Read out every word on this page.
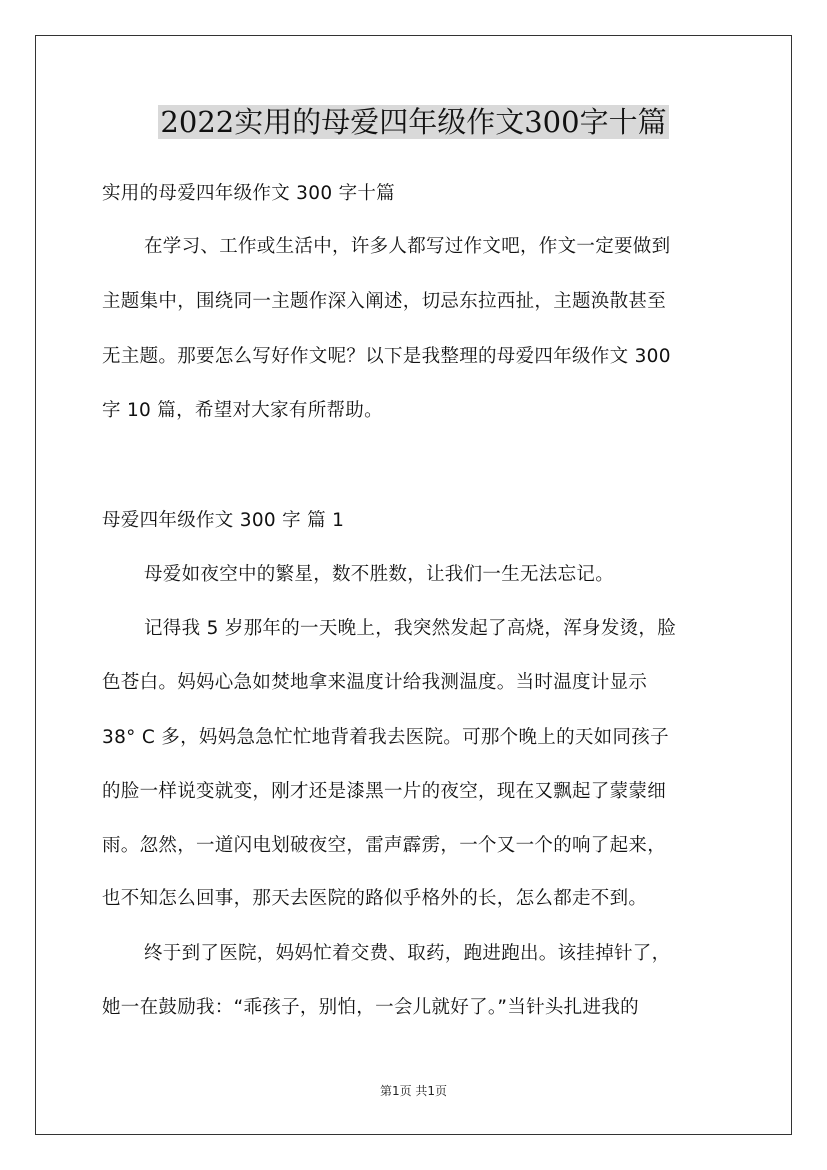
2022实用的母爱四年级作文300字十篇
实用的母爱四年级作文 300 字十篇
在学习、工作或生活中，许多人都写过作文吧，作文一定要做到
主题集中，围绕同一主题作深入阐述，切忌东拉西扯，主题涣散甚至
无主题。那要怎么写好作文呢？以下是我整理的母爱四年级作文 300
字 10 篇，希望对大家有所帮助。
母爱四年级作文 300 字 篇 1
母爱如夜空中的繁星，数不胜数，让我们一生无法忘记。
记得我 5 岁那年的一天晚上，我突然发起了高烧，浑身发烫，脸
色苍白。妈妈心急如焚地拿来温度计给我测温度。当时温度计显示
38° C 多，妈妈急急忙忙地背着我去医院。可那个晚上的天如同孩子
的脸一样说变就变，刚才还是漆黑一片的夜空，现在又飘起了蒙蒙细
雨。忽然，一道闪电划破夜空，雷声霹雳，一个又一个的响了起来，
也不知怎么回事，那天去医院的路似乎格外的长，怎么都走不到。
终于到了医院，妈妈忙着交费、取药，跑进跑出。该挂掉针了，
她一在鼓励我：“乖孩子，别怕，一会儿就好了。”当针头扎进我的
第1页 共1页
